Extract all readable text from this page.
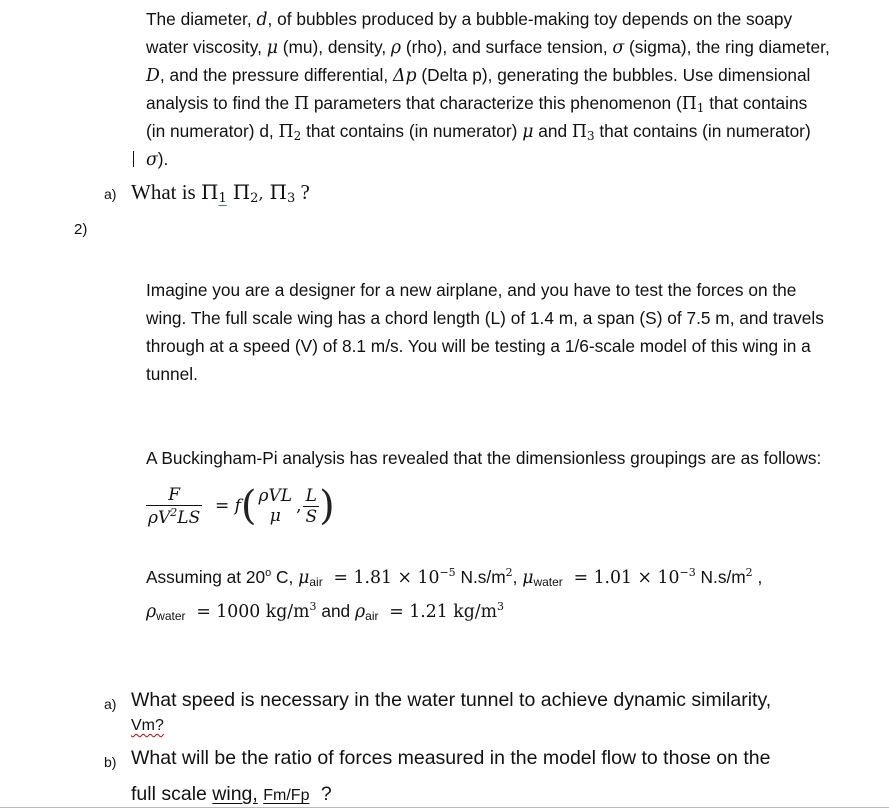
The diameter, d, of bubbles produced by a bubble-making toy depends on the soapy
water viscosity, μ (mu), density, ρ (rho), and surface tension, σ (sigma), the ring diameter,
D, and the pressure differential, Δp (Delta p), generating the bubbles. Use dimensional
analysis to find the Π parameters that characterize this phenomenon ($\Pi_1$ that contains
(in numerator) d, $\Pi_2$ that contains (in numerator) μ and $\Pi_3$ that contains (in numerator)
σ).
a) What is $\Pi_1$ $\Pi_2$, $\Pi_3$ ?
2)
Imagine you are a designer for a new airplane, and you have to test the forces on the
wing. The full scale wing has a chord length (L) of 1.4 m, a span (S) of 7.5 m, and travels
through at a speed (V) of 8.1 m/s. You will be testing a 1/6-scale model of this wing in a
tunnel.
A Buckingham-Pi analysis has revealed that the dimensionless groupings are as follows:
$\frac{F}{\rho V^2LS} = f$( ρVL
μ , $\frac{L}{S}$ )
Assuming at 20$^o$ C, $\mu_{air} = 1.81 \times 10^{-5}$ $N.s/m^2$, $\mu_{water} = 1.01 \times 10^{-3}$ $N.s/m^2$ ,
$\rho_{water} = 1000$ $kg/m^3$ and $\rho_{air} = 1.21$ $kg/m^3$
a) What speed is necessary in the water tunnel to achieve dynamic similarity,
Vm?
b) What will be the ratio of forces measured in the model flow to those on the
full scale wing, Fm/Fp ?
